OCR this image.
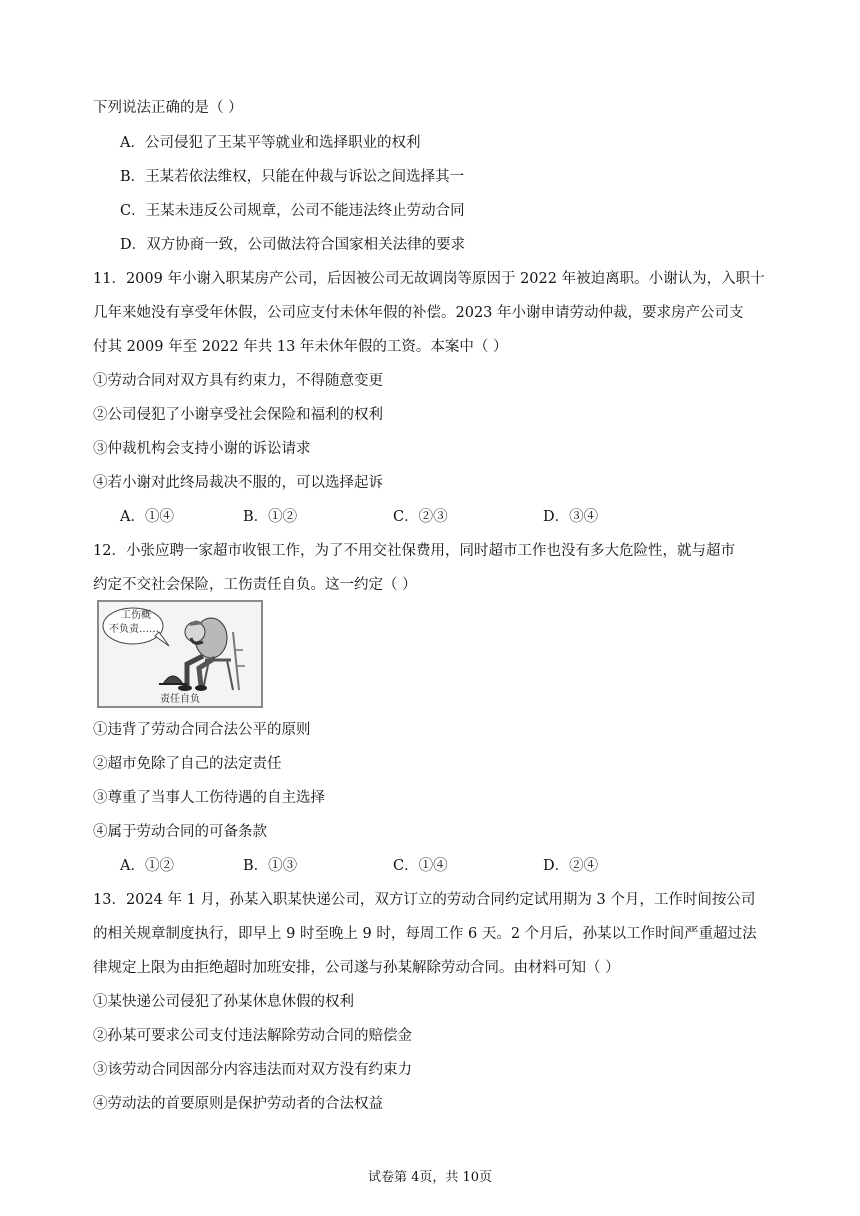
下列说法正确的是（ ）
A．公司侵犯了王某平等就业和选择职业的权利
B．王某若依法维权，只能在仲裁与诉讼之间选择其一
C．王某未违反公司规章，公司不能违法终止劳动合同
D．双方协商一致，公司做法符合国家相关法律的要求
11．2009 年小谢入职某房产公司，后因被公司无故调岗等原因于 2022 年被迫离职。小谢认为，入职十
几年来她没有享受年休假，公司应支付未休年假的补偿。2023 年小谢申请劳动仲裁，要求房产公司支
付其 2009 年至 2022 年共 13 年未休年假的工资。本案中（ ）
①劳动合同对双方具有约束力，不得随意变更
②公司侵犯了小谢享受社会保险和福利的权利
③仲裁机构会支持小谢的诉讼请求
④若小谢对此终局裁决不服的，可以选择起诉
A．①④	B．①②	C．②③	D．③④
12．小张应聘一家超市收银工作，为了不用交社保费用，同时超市工作也没有多大危险性，就与超市
约定不交社会保险，工伤责任自负。这一约定（ ）
工伤概
不负责……
责任自负
①违背了劳动合同合法公平的原则
②超市免除了自己的法定责任
③尊重了当事人工伤待遇的自主选择
④属于劳动合同的可备条款
A．①②	B．①③	C．①④	D．②④
13．2024 年 1 月，孙某入职某快递公司，双方订立的劳动合同约定试用期为 3 个月，工作时间按公司
的相关规章制度执行，即早上 9 时至晚上 9 时，每周工作 6 天。2 个月后，孙某以工作时间严重超过法
律规定上限为由拒绝超时加班安排，公司遂与孙某解除劳动合同。由材料可知（ ）
①某快递公司侵犯了孙某休息休假的权利
②孙某可要求公司支付违法解除劳动合同的赔偿金
③该劳动合同因部分内容违法而对双方没有约束力
④劳动法的首要原则是保护劳动者的合法权益
试卷第 4页，共 10页
